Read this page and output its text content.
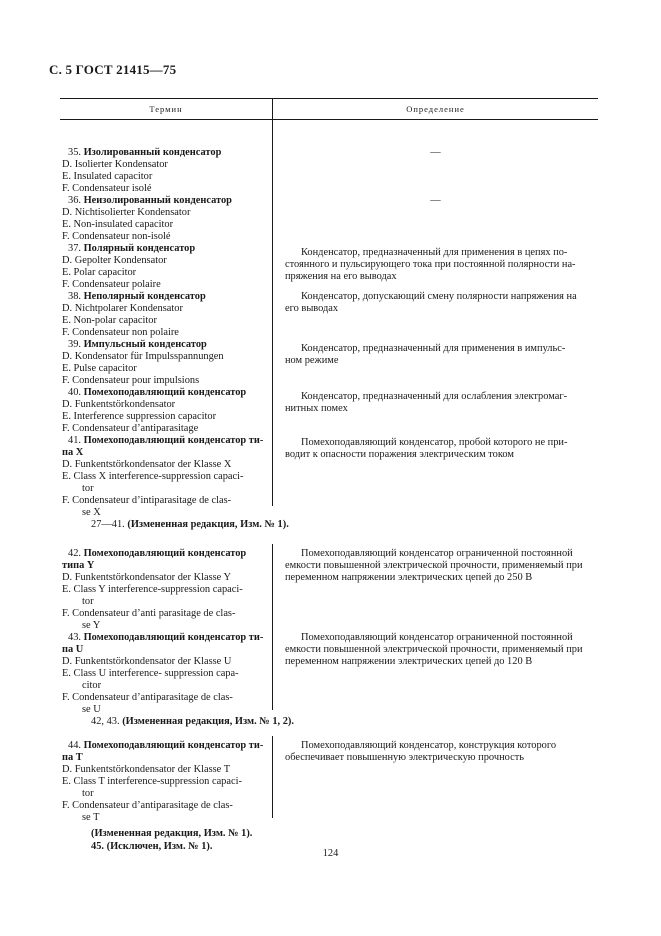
С. 5 ГОСТ 21415—75
Термин	Определение
35. Изолированный конденсатор
D. Isolierter Kondensator
E. Insulated capacitor
F. Condensateur isolé
36. Неизолированный конденсатор
D. Nichtisolierter Kondensator
E. Non-insulated capacitor
F. Condensateur non-isolé
37. Полярный конденсатор
D. Gepolter Kondensator
E. Polar capacitor
F. Condensateur polaire
38. Неполярный конденсатор
D. Nichtpolarer Kondensator
E. Non-polar capacitor
F. Condensateur non polaire
39. Импульсный конденсатор
D. Kondensator für Impulsspannungen
E. Pulse capacitor
F. Condensateur pour impulsions
40. Помехоподавляющий конденсатор
D. Funkentstörkondensator
E. Interference suppression capacitor
F. Condensateur d’antiparasitage
41. Помехоподавляющий конденсатор ти-
па X
D. Funkentstörkondensator der Klasse X
E. Class X interference-suppression capaci-
tor
F. Condensateur d’intiparasitage de clas-
se X
—
—
Конденсатор, предназначенный для применения в цепях по-
стоянного и пульсирующего тока при постоянной полярности на-
пряжения на его выводах
Конденсатор, допускающий смену полярности напряжения на
его выводах
Конденсатор, предназначенный для применения в импульс-
ном режиме
Конденсатор, предназначенный для ослабления электромаг-
нитных помех
Помехоподавляющий конденсатор, пробой которого не при-
водит к опасности поражения электрическим током
27—41. (Измененная редакция, Изм. № 1).
42. Помехоподавляющий конденсатор
типа Y
D. Funkentstörkondensator der Klasse Y
E. Class Y interference-suppression capaci-
tor
F. Condensateur d’anti parasitage de clas-
se Y
43. Помехоподавляющий конденсатор ти-
па U
D. Funkentstörkondensator der Klasse U
E. Class U interference- suppression capa-
citor
F. Condensateur d’antiparasitage de clas-
se U
Помехоподавляющий конденсатор ограниченной постоянной
емкости повышенной электрической прочности, применяемый при
переменном напряжении электрических цепей до 250 В
Помехоподавляющий конденсатор ограниченной постоянной
емкости повышенной электрической прочности, применяемый при
переменном напряжении электрических цепей до 120 В
42, 43. (Измененная редакция, Изм. № 1, 2).
44. Помехоподавляющий конденсатор ти-
па T
D. Funkentstörkondensator der Klasse T
E. Class T interference-suppression capaci-
tor
F. Condensateur d’antiparasitage de clas-
se T
Помехоподавляющий конденсатор, конструкция которого
обеспечивает повышенную электрическую прочность
(Измененная редакция, Изм. № 1).
45. (Исключен, Изм. № 1).
124
